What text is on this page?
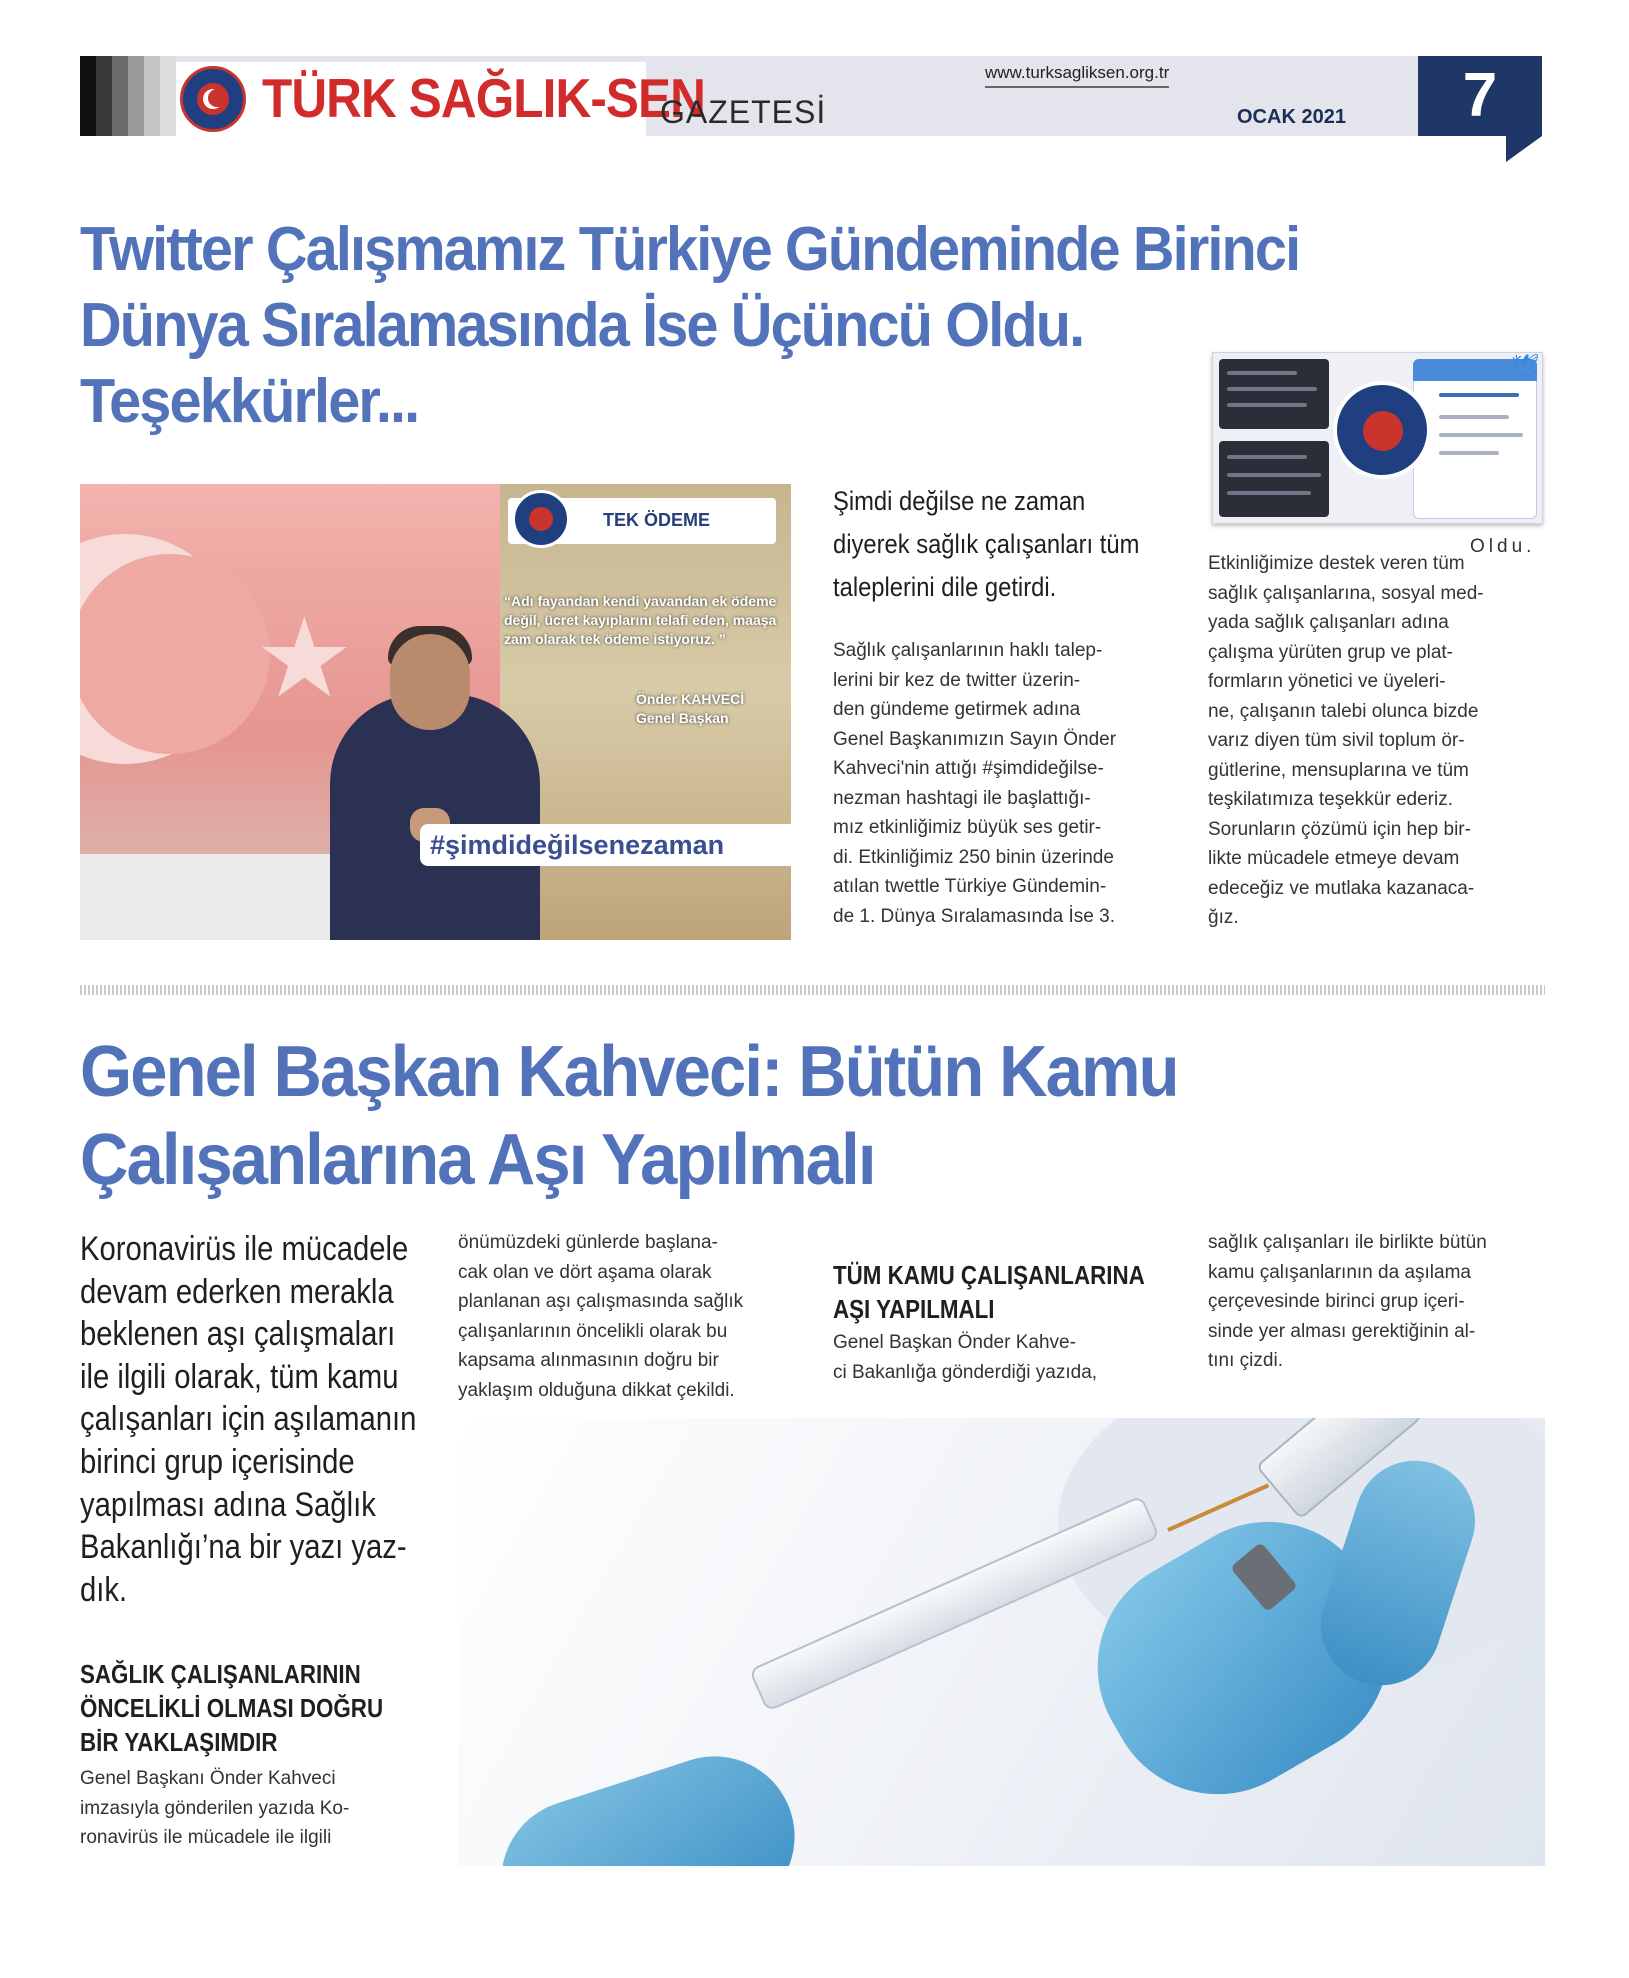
TÜRK SAĞLIK-SEN
GAZETESİ
www.turksagliksen.org.tr
OCAK 2021	7
Twitter Çalışmamız Türkiye Gündeminde Birinci
Dünya Sıralamasında İse Üçüncü Oldu.
Teşekkürler...
★
TEK ÖDEME
“Adı fayandan kendi yavandan ek ödeme değil, ücret kayıplarını telafi eden, maaşa zam olarak tek ödeme istiyoruz. ”
Önder KAHVECİ
Genel Başkan
#şimdideğilsenezaman
Şimdi değilse ne zaman
diyerek sağlık çalışanları tüm
taleplerini dile getirdi.
Sağlık çalışanlarının haklı talep-
lerini bir kez de twitter üzerin-
den gündeme getirmek adına
Genel Başkanımızın Sayın Önder
Kahveci'nin attığı #şimdideğilse-
nezman hashtagi ile başlattığı-
mız etkinliğimiz büyük ses getir-
di. Etkinliğimiz 250 binin üzerinde
atılan twettle Türkiye Gündemin-
de 1. Dünya Sıralamasında İse 3.
🕊
Oldu.
Etkinliğimize destek veren tüm
sağlık çalışanlarına, sosyal med-
yada sağlık çalışanları adına
çalışma yürüten grup ve plat-
formların yönetici ve üyeleri-
ne, çalışanın talebi olunca bizde
varız diyen tüm sivil toplum ör-
gütlerine, mensuplarına ve tüm
teşkilatımıza teşekkür ederiz.
Sorunların çözümü için hep bir-
likte mücadele etmeye devam
edeceğiz ve mutlaka kazanaca-
ğız.
Genel Başkan Kahveci: Bütün Kamu
Çalışanlarına Aşı Yapılmalı
Koronavirüs ile mücadele
devam ederken merakla
beklenen aşı çalışmaları
ile ilgili olarak, tüm kamu
çalışanları için aşılamanın
birinci grup içerisinde
yapılması adına Sağlık
Bakanlığı’na bir yazı yaz-
dık.
SAĞLIK ÇALIŞANLARININ
ÖNCELİKLİ OLMASI DOĞRU
BİR YAKLAŞIMDIR
Genel Başkanı Önder Kahveci
imzasıyla gönderilen yazıda Ko-
ronavirüs ile mücadele ile ilgili
önümüzdeki günlerde başlana-
cak olan ve dört aşama olarak
planlanan aşı çalışmasında sağlık
çalışanlarının öncelikli olarak bu
kapsama alınmasının doğru bir
yaklaşım olduğuna dikkat çekildi.
TÜM KAMU ÇALIŞANLARINA
AŞI YAPILMALI
Genel Başkan Önder Kahve-
ci Bakanlığa gönderdiği yazıda,
sağlık çalışanları ile birlikte bütün
kamu çalışanlarının da aşılama
çerçevesinde birinci grup içeri-
sinde yer alması gerektiğinin al-
tını çizdi.
